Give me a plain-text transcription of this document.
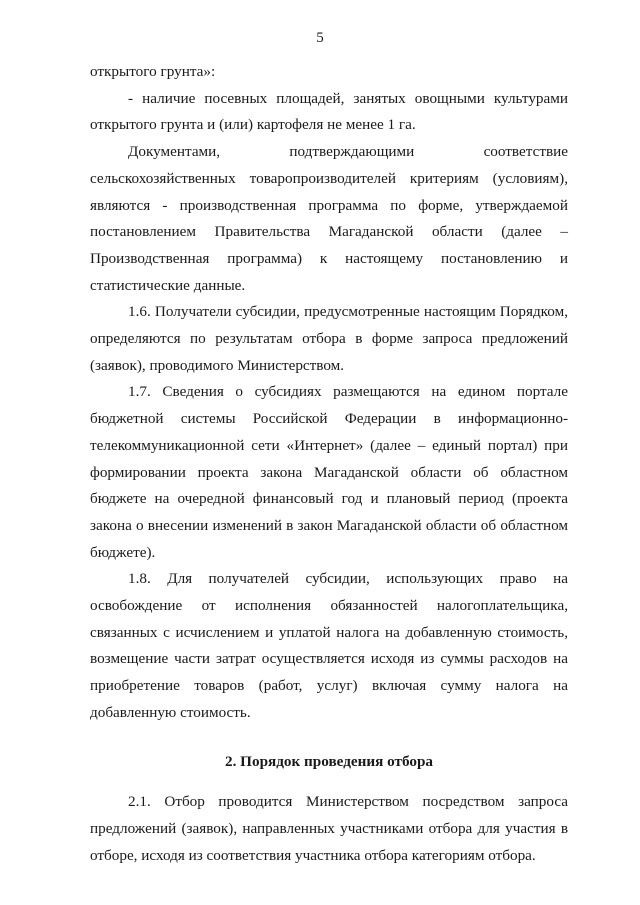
5

открытого грунта»:

- наличие посевных площадей, занятых овощными культурами открытого грунта и (или) картофеля не менее 1 га.

Документами, подтверждающими соответствие сельскохозяйственных товаропроизводителей критериям (условиям), являются - производственная программа по форме, утверждаемой постановлением Правительства Магаданской области (далее – Производственная программа) к настоящему постановлению и статистические данные.

1.6. Получатели субсидии, предусмотренные настоящим Порядком, определяются по результатам отбора в форме запроса предложений (заявок), проводимого Министерством.

1.7. Сведения о субсидиях размещаются на едином портале бюджетной системы Российской Федерации в информационно-телекоммуникационной сети «Интернет» (далее – единый портал) при формировании проекта закона Магаданской области об областном бюджете на очередной финансовый год и плановый период (проекта закона о внесении изменений в закон Магаданской области об областном бюджете).

1.8. Для получателей субсидии, использующих право на освобождение от исполнения обязанностей налогоплательщика, связанных с исчислением и уплатой налога на добавленную стоимость, возмещение части затрат осуществляется исходя из суммы расходов на приобретение товаров (работ, услуг) включая сумму налога на добавленную стоимость.

2. Порядок проведения отбора

2.1. Отбор проводится Министерством посредством запроса предложений (заявок), направленных участниками отбора для участия в отборе, исходя из соответствия участника отбора категориям отбора.
